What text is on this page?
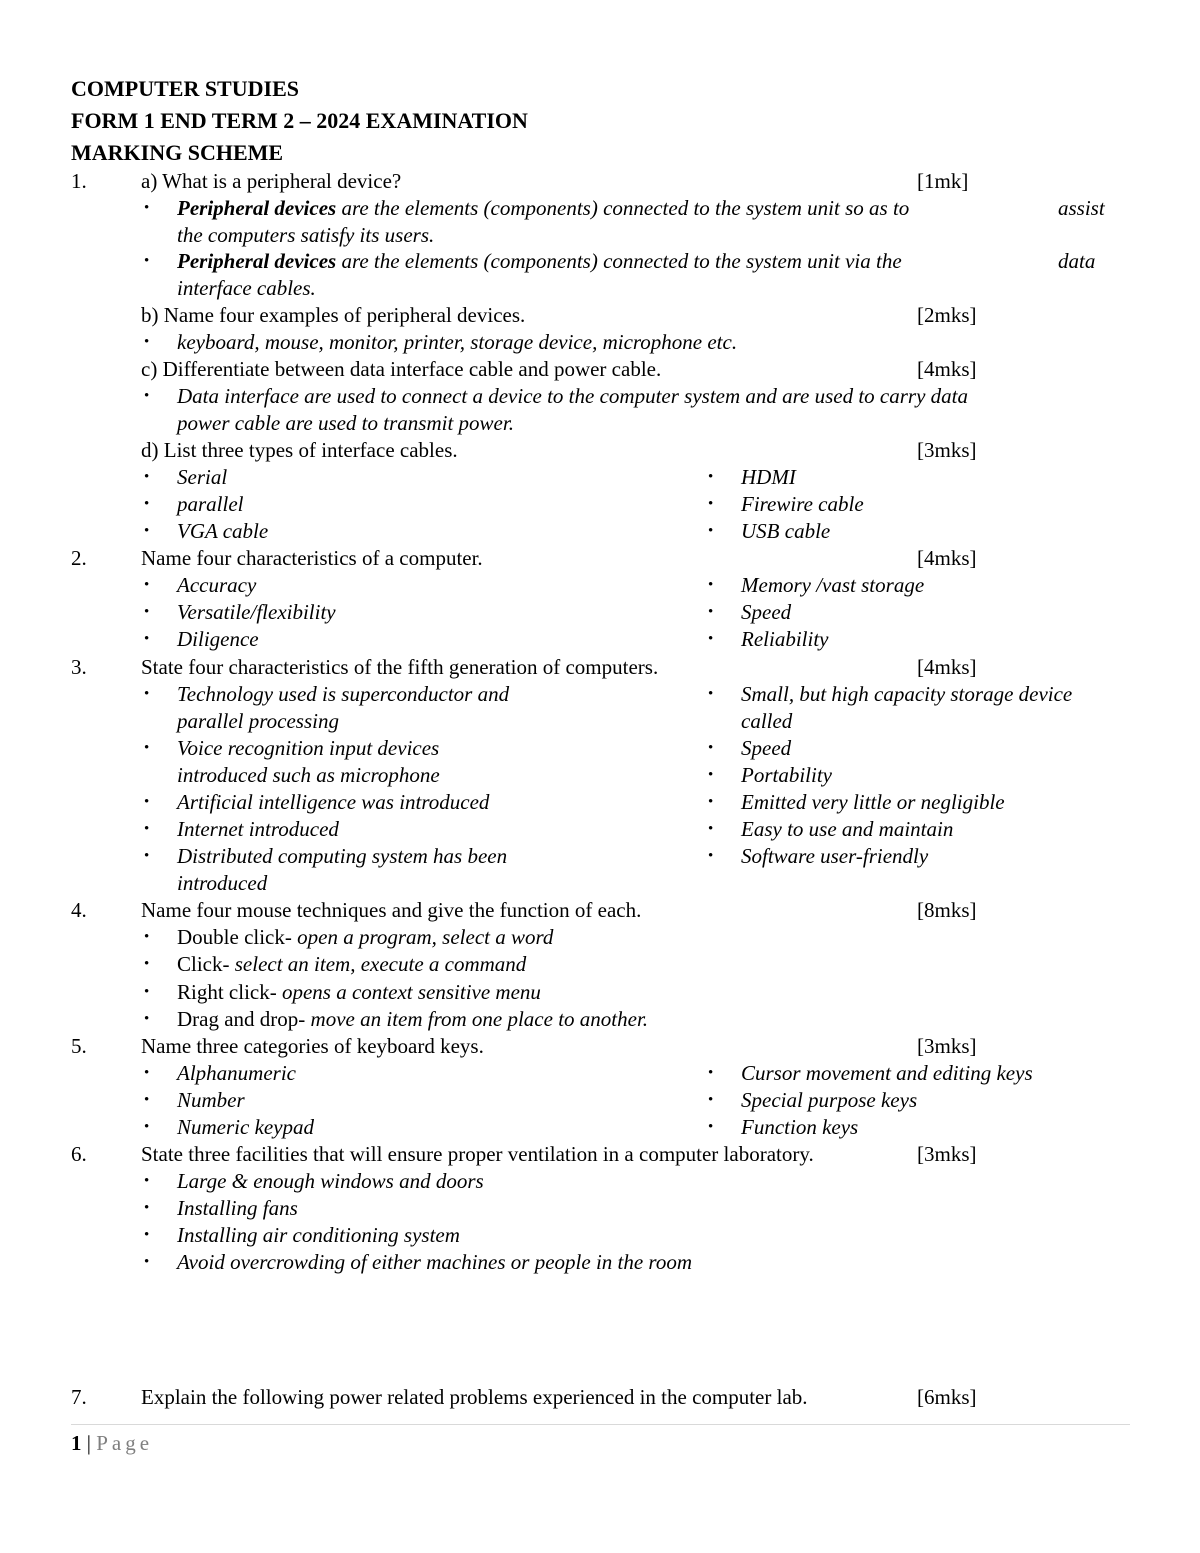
COMPUTER STUDIES
FORM 1 END TERM 2 – 2024 EXAMINATION
MARKING SCHEME
1.	a) What is a peripheral device?	[1mk]
• Peripheral devices are the elements (components) connected to the system unit so as to	assist
the computers satisfy its users.
• Peripheral devices are the elements (components) connected to the system unit via the	data
interface cables.
b) Name four examples of peripheral devices.	[2mks]
• keyboard, mouse, monitor, printer, storage device, microphone etc.
c) Differentiate between data interface cable and power cable.	[4mks]
• Data interface are used to connect a device to the computer system and are used to carry data
power cable are used to transmit power.
d) List three types of interface cables.	[3mks]
• Serial
• parallel
• VGA cable
• HDMI
• Firewire cable
• USB cable
2.	Name four characteristics of a computer.	[4mks]
• Accuracy
• Versatile/flexibility
• Diligence
• Memory /vast storage
• Speed
• Reliability
3.	State four characteristics of the fifth generation of computers.	[4mks]
• Technology used is superconductor and
parallel processing
• Voice recognition input devices
introduced such as microphone
• Artificial intelligence was introduced
• Internet introduced
• Distributed computing system has been
introduced
• Small, but high capacity storage device
called
• Speed
• Portability
• Emitted very little or negligible
• Easy to use and maintain
• Software user-friendly
4.	Name four mouse techniques and give the function of each.	[8mks]
• Double click- open a program, select a word
• Click- select an item, execute a command
• Right click- opens a context sensitive menu
• Drag and drop- move an item from one place to another.
5.	Name three categories of keyboard keys.	[3mks]
• Alphanumeric
• Number
• Numeric keypad
• Cursor movement and editing keys
• Special purpose keys
• Function keys
6.	State three facilities that will ensure proper ventilation in a computer laboratory.	[3mks]
• Large & enough windows and doors
• Installing fans
• Installing air conditioning system
• Avoid overcrowding of either machines or people in the room
7.	Explain the following power related problems experienced in the computer lab.	[6mks]
1 | Page
